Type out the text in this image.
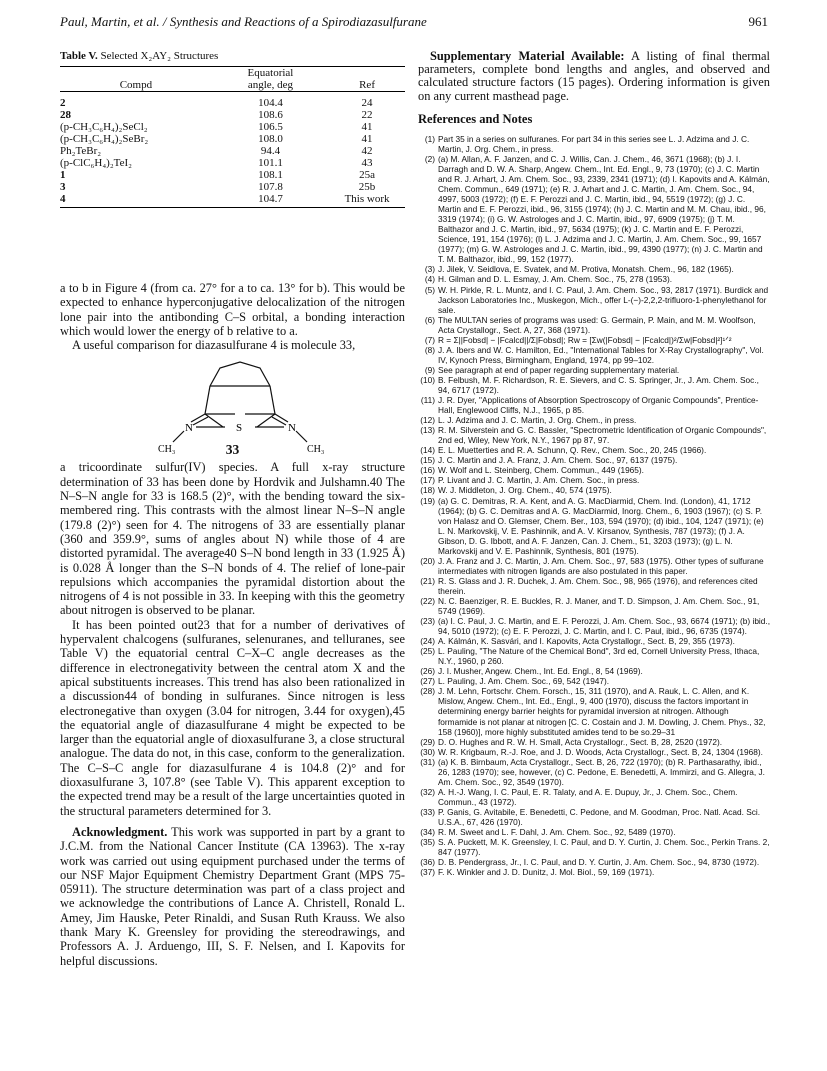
Paul, Martin, et al. / Synthesis and Reactions of a Spirodiazasulfurane	961

Table V. Selected X₂AY₂ Structures

	Equatorial	
Compd	angle, deg	Ref

2	104.4	24
28	108.6	22
(p-CH₃C₆H₄)₂SeCl₂	106.5	41
(p-CH₃C₆H₄)₂SeBr₂	108.0	41
Ph₂TeBr₂	94.4	42
(p-ClC₆H₄)₂TeI₂	101.1	43
1	108.1	25a
3	107.8	25b
4	104.7	This work

a to b in Figure 4 (from ca. 27° for a to ca. 13° for b). This would be expected to enhance hyperconjugative delocalization of the nitrogen lone pair into the antibonding C–S orbital, a bonding interaction which would lower the energy of b relative to a.

A useful comparison for diazasulfurane 4 is molecule 33,

N	S	N
CH₃	CH₃
33

a tricoordinate sulfur(IV) species. A full x-ray structure determination of 33 has been done by Hordvik and Julshamn.40 The N–S–N angle for 33 is 168.5 (2)°, with the bending toward the six-membered ring. This contrasts with the almost linear N–S–N angle (179.8 (2)°) seen for 4. The nitrogens of 33 are essentially planar (360 and 359.9°, sums of angles about N) while those of 4 are distorted pyramidal. The average40 S–N bond length in 33 (1.925 Å) is 0.028 Å longer than the S–N bonds of 4. The relief of lone-pair repulsions which accompanies the pyramidal distortion about the nitrogens of 4 is not possible in 33. In keeping with this the geometry about nitrogen is observed to be planar.

It has been pointed out23 that for a number of derivatives of hypervalent chalcogens (sulfuranes, selenuranes, and telluranes, see Table V) the equatorial central C–X–C angle decreases as the difference in electronegativity between the central atom X and the apical substituents increases. This trend has also been rationalized in a discussion44 of bonding in sulfuranes. Since nitrogen is less electronegative than oxygen (3.04 for nitrogen, 3.44 for oxygen),45 the equatorial angle of diazasulfurane 4 might be expected to be larger than the equatorial angle of dioxasulfurane 3, a close structural analogue. The data do not, in this case, conform to the generalization. The C–S–C angle for diazasulfurane 4 is 104.8 (2)° and for dioxasulfurane 3, 107.8° (see Table V). This apparent exception to the expected trend may be a result of the large uncertainties quoted in the structural parameters determined for 3.

Acknowledgment. This work was supported in part by a grant to J.C.M. from the National Cancer Institute (CA 13963). The x-ray work was carried out using equipment purchased under the terms of our NSF Major Equipment Chemistry Department Grant (MPS 75-05911). The structure determination was part of a class project and we acknowledge the contributions of Lance A. Christell, Ronald L. Amey, Jim Hauske, Peter Rinaldi, and Susan Ruth Krauss. We also thank Mary K. Greensley for providing the stereodrawings, and Professors A. J. Arduengo, III, S. F. Nelsen, and I. Kapovits for helpful discussions.

Supplementary Material Available: A listing of final thermal parameters, complete bond lengths and angles, and observed and calculated structure factors (15 pages). Ordering information is given on any current masthead page.

References and Notes
(1) Part 35 in a series on sulfuranes. For part 34 in this series see L. J. Adzima and J. C. Martin, J. Org. Chem., in press.
(2) (a) M. Allan, A. F. Janzen, and C. J. Willis, Can. J. Chem., 46, 3671 (1968); (b) J. I. Darragh and D. W. A. Sharp, Angew. Chem., Int. Ed. Engl., 9, 73 (1970); (c) J. C. Martin and R. J. Arhart, J. Am. Chem. Soc., 93, 2339, 2341 (1971); (d) I. Kapovits and A. Kálmán, Chem. Commun., 649 (1971); (e) R. J. Arhart and J. C. Martin, J. Am. Chem. Soc., 94, 4997, 5003 (1972); (f) E. F. Perozzi and J. C. Martin, ibid., 94, 5519 (1972); (g) J. C. Martin and E. F. Perozzi, ibid., 96, 3155 (1974); (h) J. C. Martin and M. M. Chau, ibid., 96, 3319 (1974); (i) G. W. Astrologes and J. C. Martin, ibid., 97, 6909 (1975); (j) T. M. Balthazor and J. C. Martin, ibid., 97, 5634 (1975); (k) J. C. Martin and E. F. Perozzi, Science, 191, 154 (1976); (l) L. J. Adzima and J. C. Martin, J. Am. Chem. Soc., 99, 1657 (1977); (m) G. W. Astrologes and J. C. Martin, ibid., 99, 4390 (1977); (n) J. C. Martin and T. M. Balthazor, ibid., 99, 152 (1977).
(3) J. Jilek, V. Seidlova, E. Svatek, and M. Protiva, Monatsh. Chem., 96, 182 (1965).
(4) H. Gilman and D. L. Esmay, J. Am. Chem. Soc., 75, 278 (1953).
(5) W. H. Pirkle, R. L. Muntz, and I. C. Paul, J. Am. Chem. Soc., 93, 2817 (1971). Burdick and Jackson Laboratories Inc., Muskegon, Mich., offer L-(−)-2,2,2-trifluoro-1-phenylethanol for sale.
(6) The MULTAN series of programs was used: G. Germain, P. Main, and M. M. Woolfson, Acta Crystallogr., Sect. A, 27, 368 (1971).
(7) R = Σ||Fobsd| − |Fcalcd||/Σ|Fobsd|; Rw = [Σw(|Fobsd| − |Fcalcd|)²/Σw|Fobsd|²]¹ᐟ²
(8) J. A. Ibers and W. C. Hamilton, Ed., "International Tables for X-Ray Crystallography", Vol. IV, Kynoch Press, Birmingham, England, 1974, pp 99–102.
(9) See paragraph at end of paper regarding supplementary material.
(10) B. Felbush, M. F. Richardson, R. E. Sievers, and C. S. Springer, Jr., J. Am. Chem. Soc., 94, 6717 (1972).
(11) J. R. Dyer, "Applications of Absorption Spectroscopy of Organic Compounds", Prentice-Hall, Englewood Cliffs, N.J., 1965, p 85.
(12) L. J. Adzima and J. C. Martin, J. Org. Chem., in press.
(13) R. M. Silverstein and G. C. Bassler, "Spectrometric Identification of Organic Compounds", 2nd ed, Wiley, New York, N.Y., 1967 pp 87, 97.
(14) E. L. Muetterties and R. A. Schunn, Q. Rev., Chem. Soc., 20, 245 (1966).
(15) J. C. Martin and J. A. Franz, J. Am. Chem. Soc., 97, 6137 (1975).
(16) W. Wolf and L. Steinberg, Chem. Commun., 449 (1965).
(17) P. Livant and J. C. Martin, J. Am. Chem. Soc., in press.
(18) W. J. Middleton, J. Org. Chem., 40, 574 (1975).
(19) (a) G. C. Demitras, R. A. Kent, and A. G. MacDiarmid, Chem. Ind. (London), 41, 1712 (1964); (b) G. C. Demitras and A. G. MacDiarmid, Inorg. Chem., 6, 1903 (1967); (c) S. P. von Halasz and O. Glemser, Chem. Ber., 103, 594 (1970); (d) ibid., 104, 1247 (1971); (e) L. N. Markovskij, V. E. Pashinnik, and A. V. Kirsanov, Synthesis, 787 (1973); (f) J. A. Gibson, D. G. Ibbott, and A. F. Janzen, Can. J. Chem., 51, 3203 (1973); (g) L. N. Markovskij and V. E. Pashinnik, Synthesis, 801 (1975).
(20) J. A. Franz and J. C. Martin, J. Am. Chem. Soc., 97, 583 (1975). Other types of sulfurane intermediates with nitrogen ligands are also postulated in this paper.
(21) R. S. Glass and J. R. Duchek, J. Am. Chem. Soc., 98, 965 (1976), and references cited therein.
(22) N. C. Baenziger, R. E. Buckles, R. J. Maner, and T. D. Simpson, J. Am. Chem. Soc., 91, 5749 (1969).
(23) (a) I. C. Paul, J. C. Martin, and E. F. Perozzi, J. Am. Chem. Soc., 93, 6674 (1971); (b) ibid., 94, 5010 (1972); (c) E. F. Perozzi, J. C. Martin, and I. C. Paul, ibid., 96, 6735 (1974).
(24) A. Kálmán, K. Sasvári, and I. Kapovits, Acta Crystallogr., Sect. B, 29, 355 (1973).
(25) L. Pauling, "The Nature of the Chemical Bond", 3rd ed, Cornell University Press, Ithaca, N.Y., 1960, p 260.
(26) J. I. Musher, Angew. Chem., Int. Ed. Engl., 8, 54 (1969).
(27) L. Pauling, J. Am. Chem. Soc., 69, 542 (1947).
(28) J. M. Lehn, Fortschr. Chem. Forsch., 15, 311 (1970), and A. Rauk, L. C. Allen, and K. Mislow, Angew. Chem., Int. Ed., Engl., 9, 400 (1970), discuss the factors important in determining energy barrier heights for pyramidal inversion at nitrogen. Although formamide is not planar at nitrogen [C. C. Costain and J. M. Dowling, J. Chem. Phys., 32, 158 (1960)], more highly substituted amides tend to be so.29–31
(29) D. O. Hughes and R. W. H. Small, Acta Crystallogr., Sect. B, 28, 2520 (1972).
(30) W. R. Krigbaum, R.-J. Roe, and J. D. Woods, Acta Crystallogr., Sect. B, 24, 1304 (1968).
(31) (a) K. B. Birnbaum, Acta Crystallogr., Sect. B, 26, 722 (1970); (b) R. Parthasarathy, ibid., 26, 1283 (1970); see, however, (c) C. Pedone, E. Benedetti, A. Immirzi, and G. Allegra, J. Am. Chem. Soc., 92, 3549 (1970).
(32) A. H.-J. Wang, I. C. Paul, E. R. Talaty, and A. E. Dupuy, Jr., J. Chem. Soc., Chem. Commun., 43 (1972).
(33) P. Ganis, G. Avitabile, E. Benedetti, C. Pedone, and M. Goodman, Proc. Natl. Acad. Sci. U.S.A., 67, 426 (1970).
(34) R. M. Sweet and L. F. Dahl, J. Am. Chem. Soc., 92, 5489 (1970).
(35) S. A. Puckett, M. K. Greensley, I. C. Paul, and D. Y. Curtin, J. Chem. Soc., Perkin Trans. 2, 847 (1977).
(36) D. B. Pendergrass, Jr., I. C. Paul, and D. Y. Curtin, J. Am. Chem. Soc., 94, 8730 (1972).
(37) F. K. Winkler and J. D. Dunitz, J. Mol. Biol., 59, 169 (1971).
